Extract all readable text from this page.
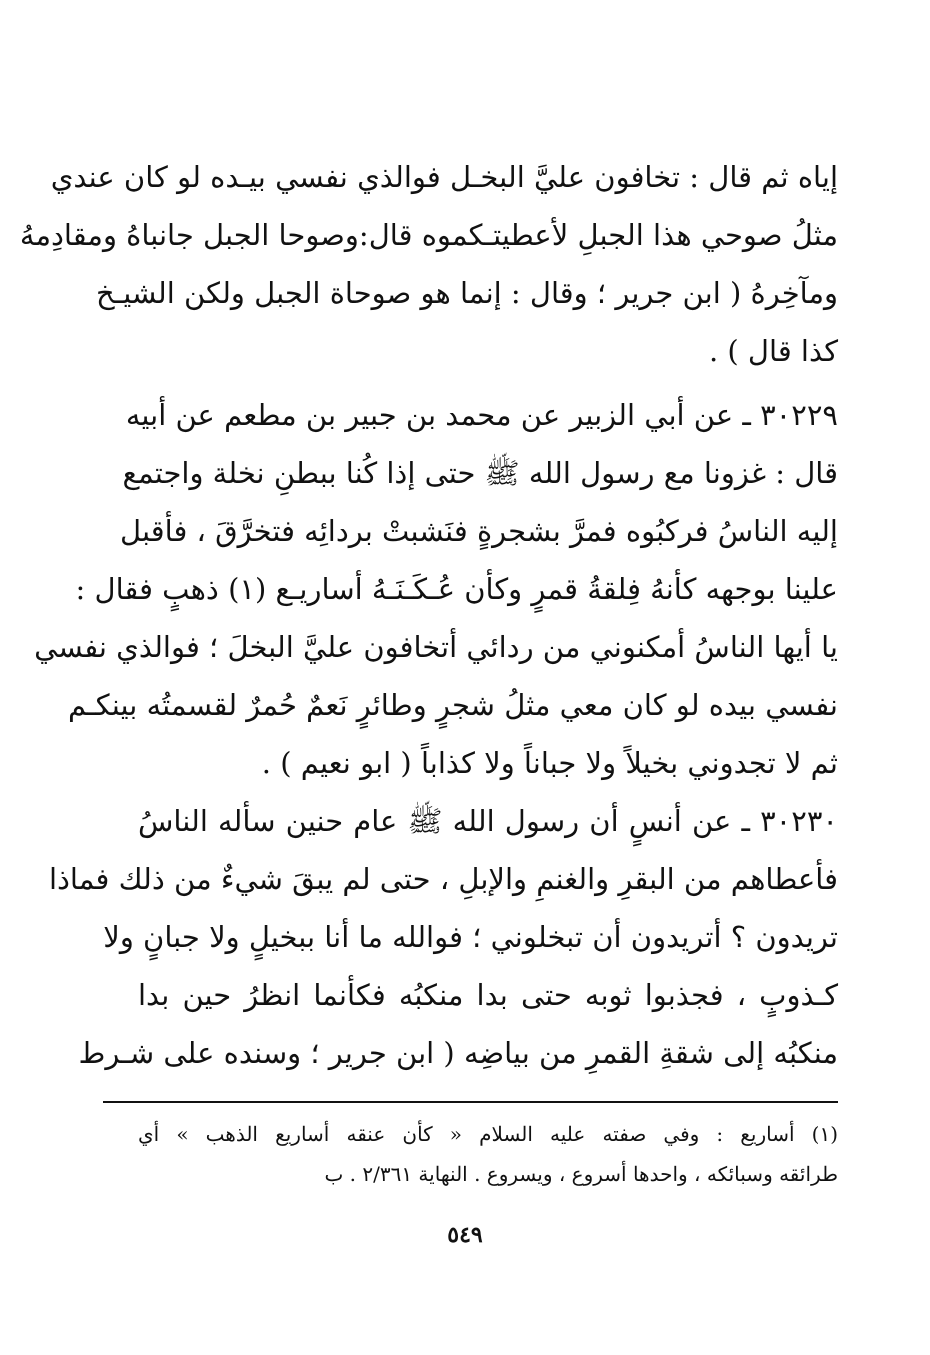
إياه ثم قال : تخافون عليَّ البخـل فوالذي نفسي بيـده لو كان عندي
مثلُ صوحي هذا الجبلِ لأعطيتـكموه قال:وصوحا الجبل جانباهُ ومقادِمهُ
ومآخِرهُ ( ابن جرير ؛ وقال : إنما هو صوحاة الجبل ولكن الشيـخ
كذا قال ) .
٣٠٢٢٩ ـ عن أبي الزبير عن محمد بن جبير بن مطعم عن أبيه
قال : غزونا مع رسول الله ﷺ حتى إذا كُنا ببطنِ نخلة واجتمع
إليه الناسُ فركبُوه فمرَّ بشجرةٍ فنَشبتْ بردائِه فتخرَّقَ ، فأقبل
علينا بوجهه كأنهُ فِلقةُ قمرٍ وكأن عُـكَـنَـهُ أساريـع (١) ذهبٍ فقال :
يا أيها الناسُ أمكنوني من ردائي أتخافون عليَّ البخلَ ؛ فوالذي نفسي
نفسي بيده لو كان معي مثلُ شجرٍ وطائرٍ نَعمٌ حُمرٌ لقسمتُه بينكـم
ثم لا تجدوني بخيلاً ولا جباناً ولا كذاباً ( ابو نعيم ) .
٣٠٢٣٠ ـ عن أنسٍ أن رسول الله ﷺ عام حنين سأله الناسُ
فأعطاهم من البقرِ والغنمِ والإبلِ ، حتى لم يبقَ شيءٌ من ذلك فماذا
تريدون ؟ أتريدون أن تبخلوني ؛ فوالله ما أنا ببخيلٍ ولا جبانٍ ولا
كـذوبٍ ، فجذبوا ثوبه حتى بدا منكبُه فكأنما انظرُ حين بدا
منكبُه إلى شقةِ القمرِ من بياضِه ( ابن جرير ؛ وسنده على شـرط
(١) أساريع : وفي صفته عليه السلام « كأن عنقه أساريع الذهب » أي
طرائقه وسبائكه ، واحدها أسروع ، ويسروع . النهاية ٢/٣٦١ . ب
٥٤٩
